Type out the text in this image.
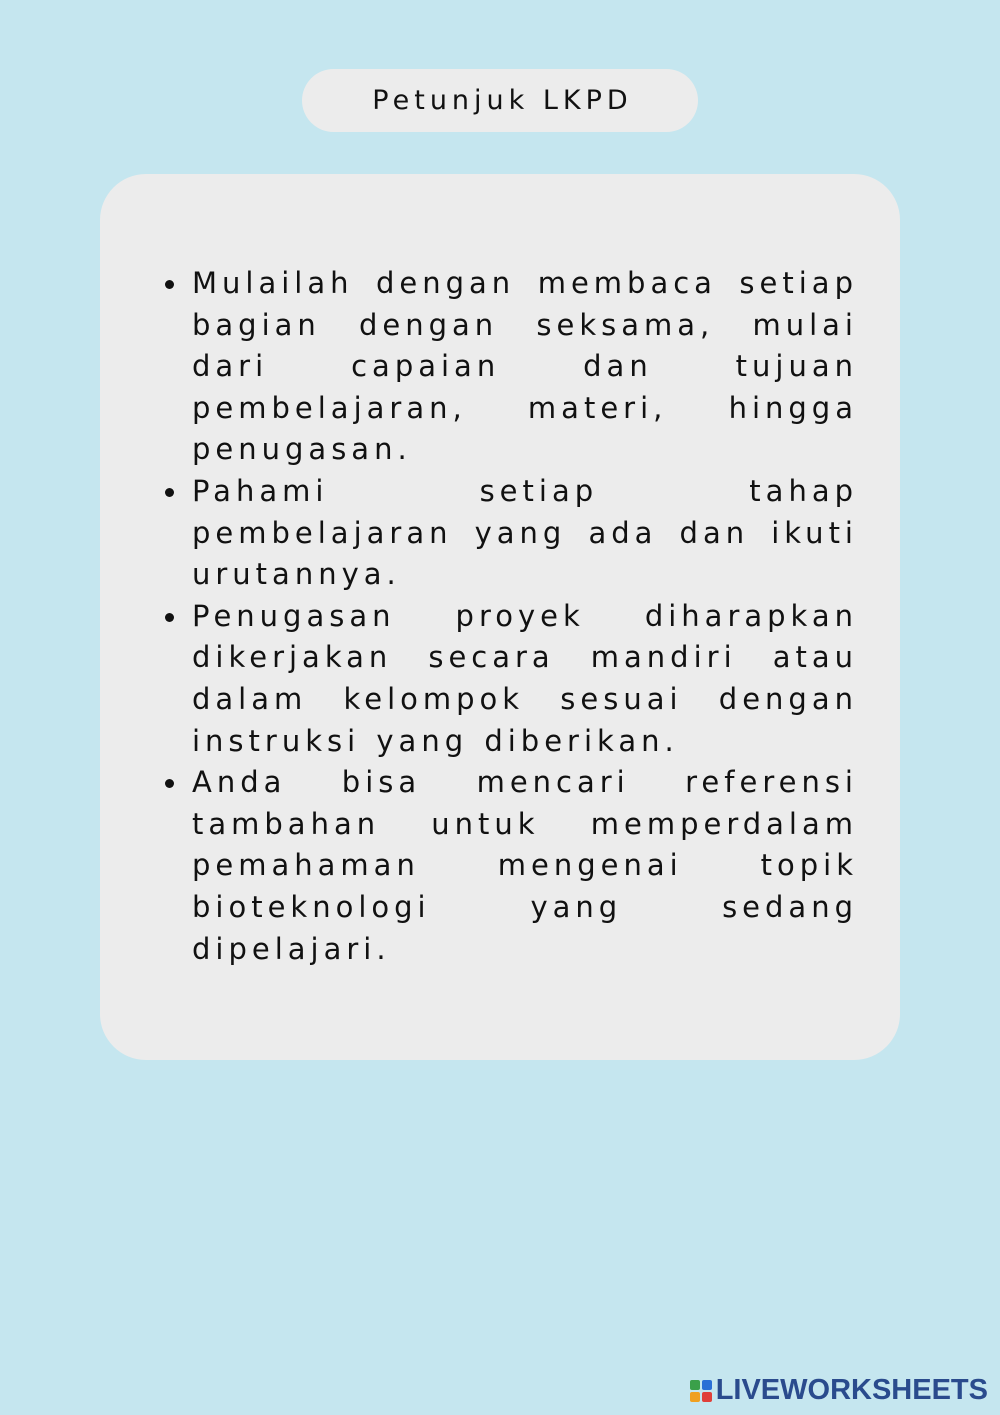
Petunjuk LKPD
Mulailah dengan membaca setiap bagian dengan seksama, mulai dari capaian dan tujuan pembelajaran, materi, hingga penugasan.
Pahami setiap tahap pembelajaran yang ada dan ikuti urutannya.
Penugasan proyek diharapkan dikerjakan secara mandiri atau dalam kelompok sesuai dengan instruksi yang diberikan.
Anda bisa mencari referensi tambahan untuk memperdalam pemahaman mengenai topik bioteknologi yang sedang dipelajari.
LIVEWORKSHEETS
